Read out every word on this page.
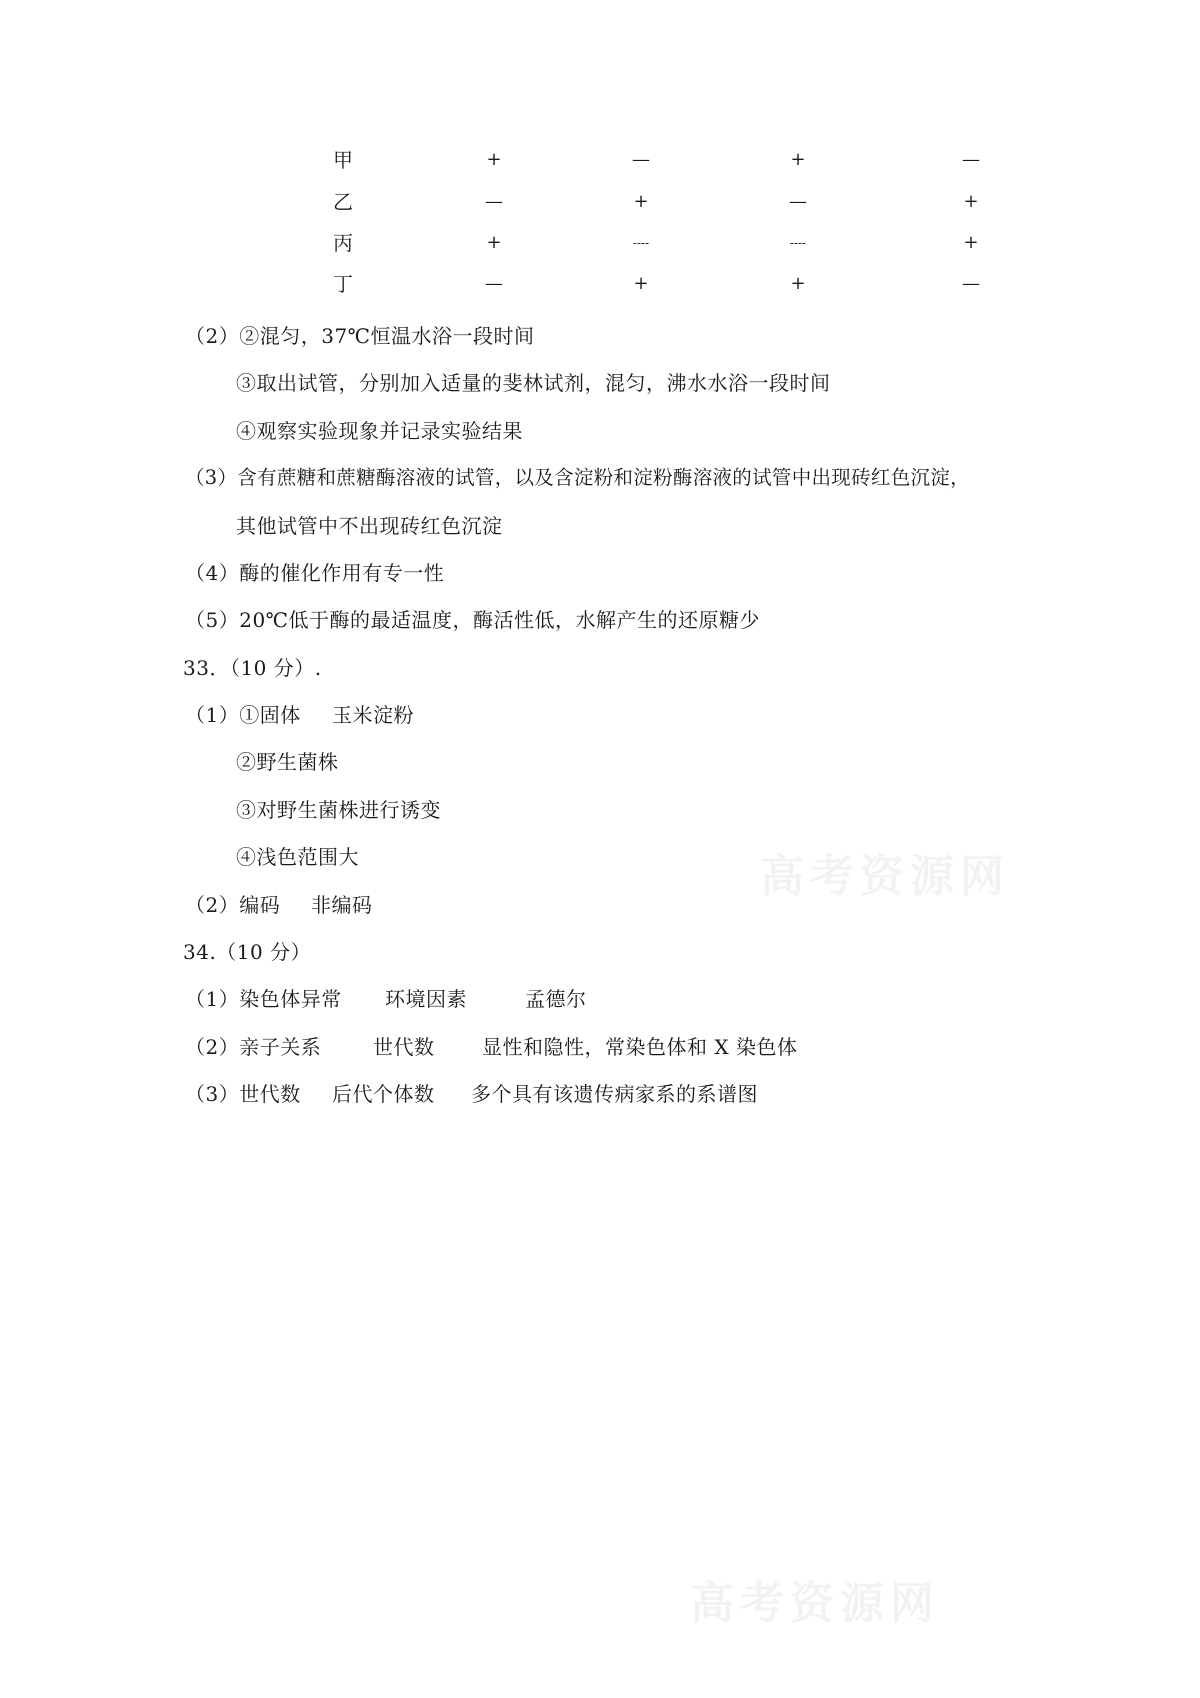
甲	+	—	+	—
乙	—	+	—	+
丙	+	----	----	+
丁	—	+	+	—
（2）②混匀，37℃恒温水浴一段时间
③取出试管，分别加入适量的斐林试剂，混匀，沸水水浴一段时间
④观察实验现象并记录实验结果
（3）含有蔗糖和蔗糖酶溶液的试管，以及含淀粉和淀粉酶溶液的试管中出现砖红色沉淀，
其他试管中不出现砖红色沉淀
（4）酶的催化作用有专一性
（5）20℃低于酶的最适温度，酶活性低，水解产生的还原糖少
33．（10 分）.
（1）①固体 玉米淀粉
②野生菌株
③对野生菌株进行诱变
④浅色范围大
（2）编码 非编码
34.（10 分）
（1）染色体异常 环境因素	孟德尔
（2）亲子关系	世代数 显性和隐性，常染色体和 X 染色体
（3）世代数 后代个体数 多个具有该遗传病家系的系谱图
高考资源网
高考资源网
